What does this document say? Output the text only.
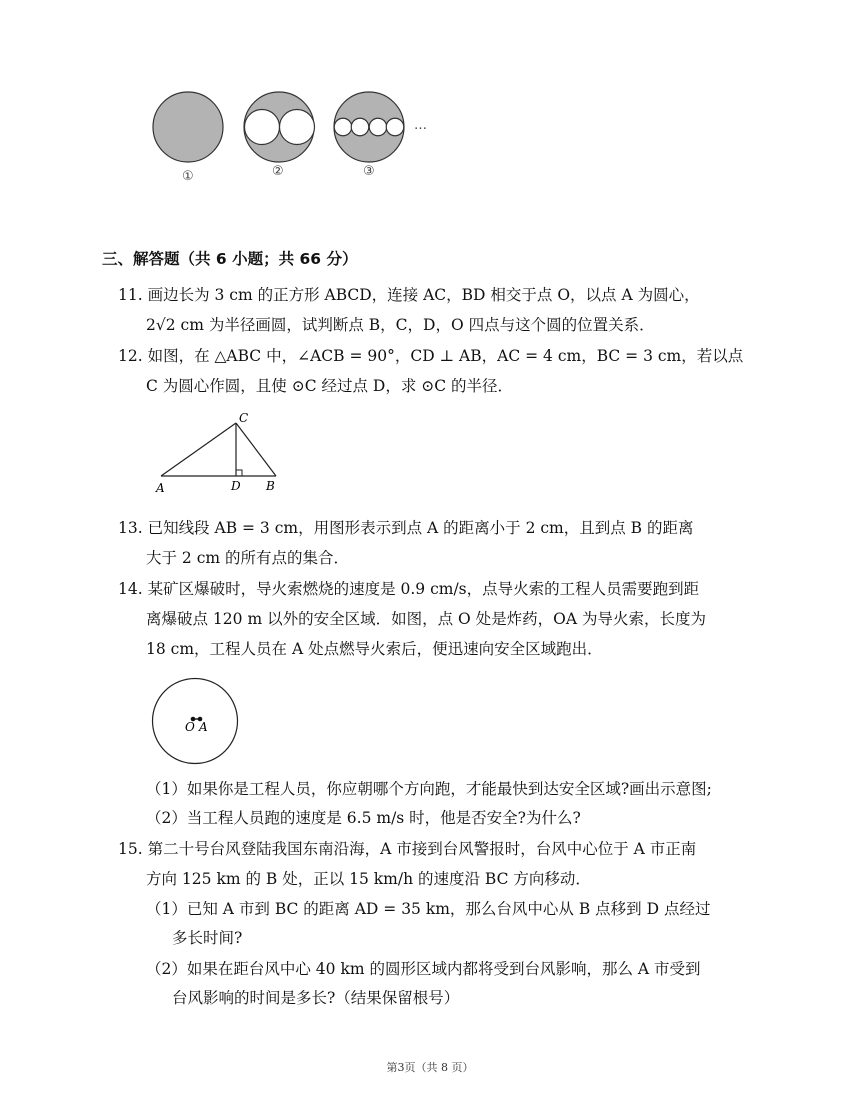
①	②	③
…
三、解答题（共 6 小题；共 66 分）
11. 画边长为 3 cm 的正方形 ABCD，连接 AC，BD 相交于点 O，以点 A 为圆心，
2√2 cm 为半径画圆，试判断点 B，C，D，O 四点与这个圆的位置关系．
12. 如图，在 △ABC 中，∠ACB = 90°，CD ⊥ AB，AC = 4 cm，BC = 3 cm，若以点
C 为圆心作圆，且使 ⊙C 经过点 D，求 ⊙C 的半径．
C
A	D B
13. 已知线段 AB = 3 cm，用图形表示到点 A 的距离小于 2 cm，且到点 B 的距离
大于 2 cm 的所有点的集合．
14. 某矿区爆破时，导火索燃烧的速度是 0.9 cm/s，点导火索的工程人员需要跑到距
离爆破点 120 m 以外的安全区域．如图，点 O 处是炸药，OA 为导火索，长度为
18 cm，工程人员在 A 处点燃导火索后，便迅速向安全区域跑出．
O A
（1）如果你是工程人员，你应朝哪个方向跑，才能最快到达安全区域?画出示意图;
（2）当工程人员跑的速度是 6.5 m/s 时，他是否安全?为什么?
15. 第二十号台风登陆我国东南沿海，A 市接到台风警报时，台风中心位于 A 市正南
方向 125 km 的 B 处，正以 15 km/h 的速度沿 BC 方向移动．
（1）已知 A 市到 BC 的距离 AD = 35 km，那么台风中心从 B 点移到 D 点经过
多长时间?
（2）如果在距台风中心 40 km 的圆形区域内都将受到台风影响，那么 A 市受到
台风影响的时间是多长?（结果保留根号）
第3页（共 8 页）
